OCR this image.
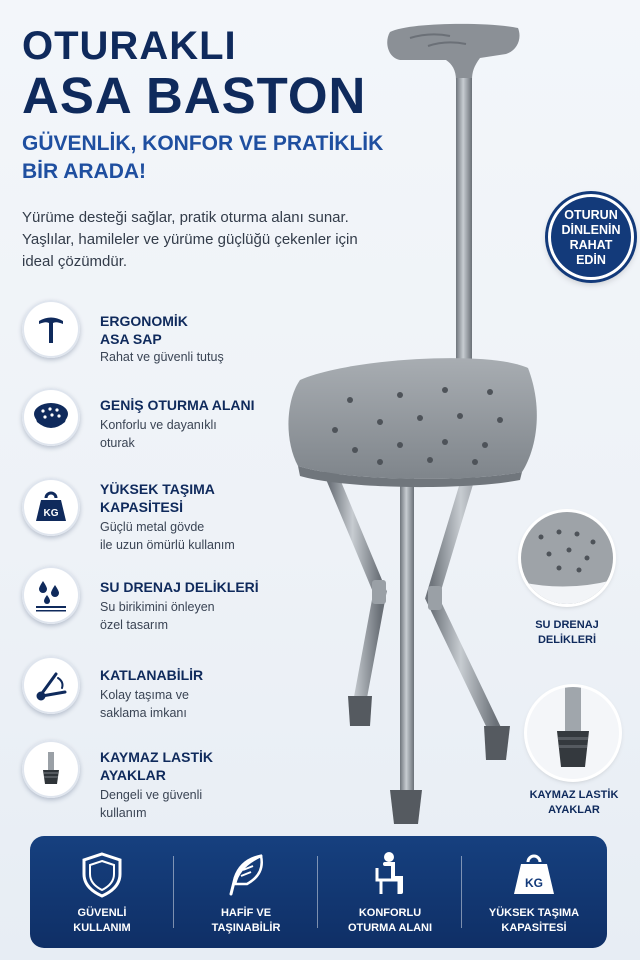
OTURAKLI
ASA BASTON
GÜVENLİK, KONFOR VE PRATİKLİK
BİR ARADA!
Yürüme desteği sağlar, pratik oturma alanı sunar. Yaşlılar, hamileler ve yürüme güçlüğü çekenler için ideal çözümdür.
OTURUN
DİNLENİN
RAHAT
EDİN
ERGONOMİK
ASA SAP
Rahat ve güvenli tutuş
GENİŞ OTURMA ALANI
Konforlu ve dayanıklı
oturak
KG
YÜKSEK TAŞIMA
KAPASİTESİ
Güçlü metal gövde
ile uzun ömürlü kullanım
SU DRENAJ DELİKLERİ
Su birikimini önleyen
özel tasarım
KATLANABİLİR
Kolay taşıma ve
saklama imkanı
KAYMAZ LASTİK
AYAKLAR
Dengeli ve güvenli
kullanım
SU DRENAJ
DELİKLERİ
KAYMAZ LASTİK
AYAKLAR
GÜVENLİ
KULLANIM
HAFİF VE
TAŞINABİLİR
KONFORLU
OTURMA ALANI
KG
YÜKSEK TAŞIMA
KAPASİTESİ
